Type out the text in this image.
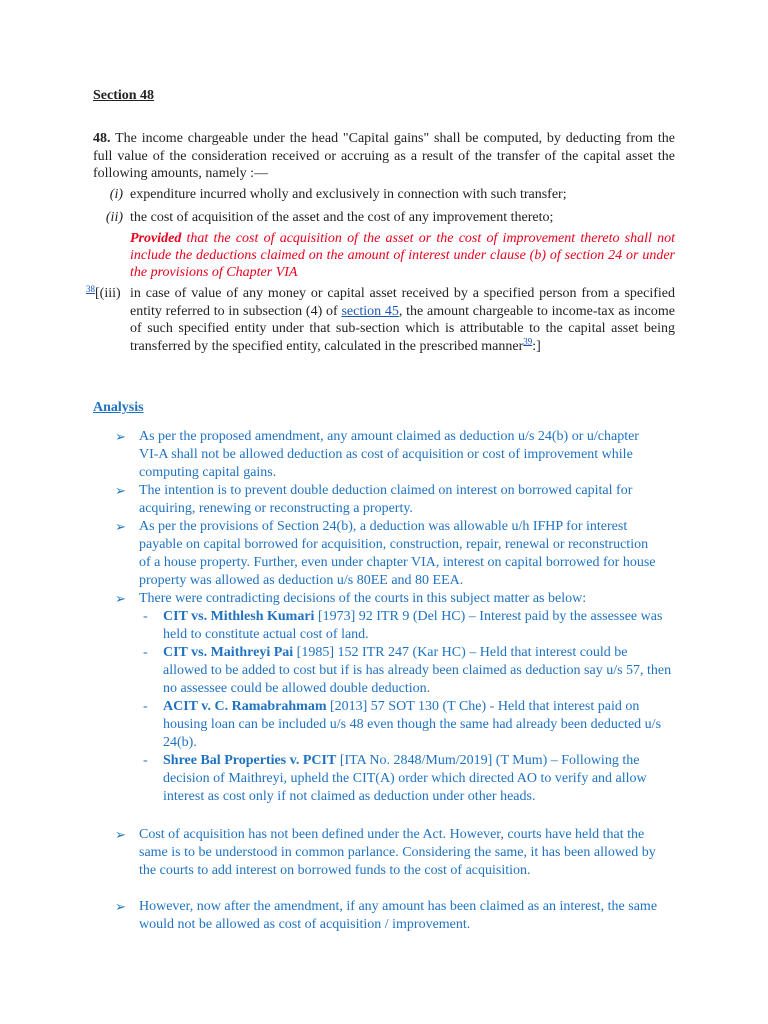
Section 48
48. The income chargeable under the head "Capital gains" shall be computed, by deducting from the full value of the consideration received or accruing as a result of the transfer of the capital asset the following amounts, namely :—
(i) expenditure incurred wholly and exclusively in connection with such transfer;
(ii) the cost of acquisition of the asset and the cost of any improvement thereto;
Provided that the cost of acquisition of the asset or the cost of improvement thereto shall not include the deductions claimed on the amount of interest under clause (b) of section 24 or under the provisions of Chapter VIA
38 [(iii) in case of value of any money or capital asset received by a specified person from a specified entity referred to in subsection (4) of section 45, the amount chargeable to income-tax as income of such specified entity under that sub-section which is attributable to the capital asset being transferred by the specified entity, calculated in the prescribed manner$^{39}$:]
Analysis
➢ As per the proposed amendment, any amount claimed as deduction u/s 24(b) or u/chapter VI-A shall not be allowed deduction as cost of acquisition or cost of improvement while computing capital gains.
➢ The intention is to prevent double deduction claimed on interest on borrowed capital for acquiring, renewing or reconstructing a property.
➢ As per the provisions of Section 24(b), a deduction was allowable u/h IFHP for interest payable on capital borrowed for acquisition, construction, repair, renewal or reconstruction of a house property. Further, even under chapter VIA, interest on capital borrowed for house property was allowed as deduction u/s 80EE and 80 EEA.
➢ There were contradicting decisions of the courts in this subject matter as below:
- CIT vs. Mithlesh Kumari [1973] 92 ITR 9 (Del HC) – Interest paid by the assessee was held to constitute actual cost of land.
- CIT vs. Maithreyi Pai [1985] 152 ITR 247 (Kar HC) – Held that interest could be allowed to be added to cost but if is has already been claimed as deduction say u/s 57, then no assessee could be allowed double deduction.
- ACIT v. C. Ramabrahmam [2013] 57 SOT 130 (T Che) - Held that interest paid on housing loan can be included u/s 48 even though the same had already been deducted u/s 24(b).
- Shree Bal Properties v. PCIT [ITA No. 2848/Mum/2019] (T Mum) – Following the decision of Maithreyi, upheld the CIT(A) order which directed AO to verify and allow interest as cost only if not claimed as deduction under other heads.
➢ Cost of acquisition has not been defined under the Act. However, courts have held that the same is to be understood in common parlance. Considering the same, it has been allowed by the courts to add interest on borrowed funds to the cost of acquisition.
➢ However, now after the amendment, if any amount has been claimed as an interest, the same would not be allowed as cost of acquisition / improvement.
